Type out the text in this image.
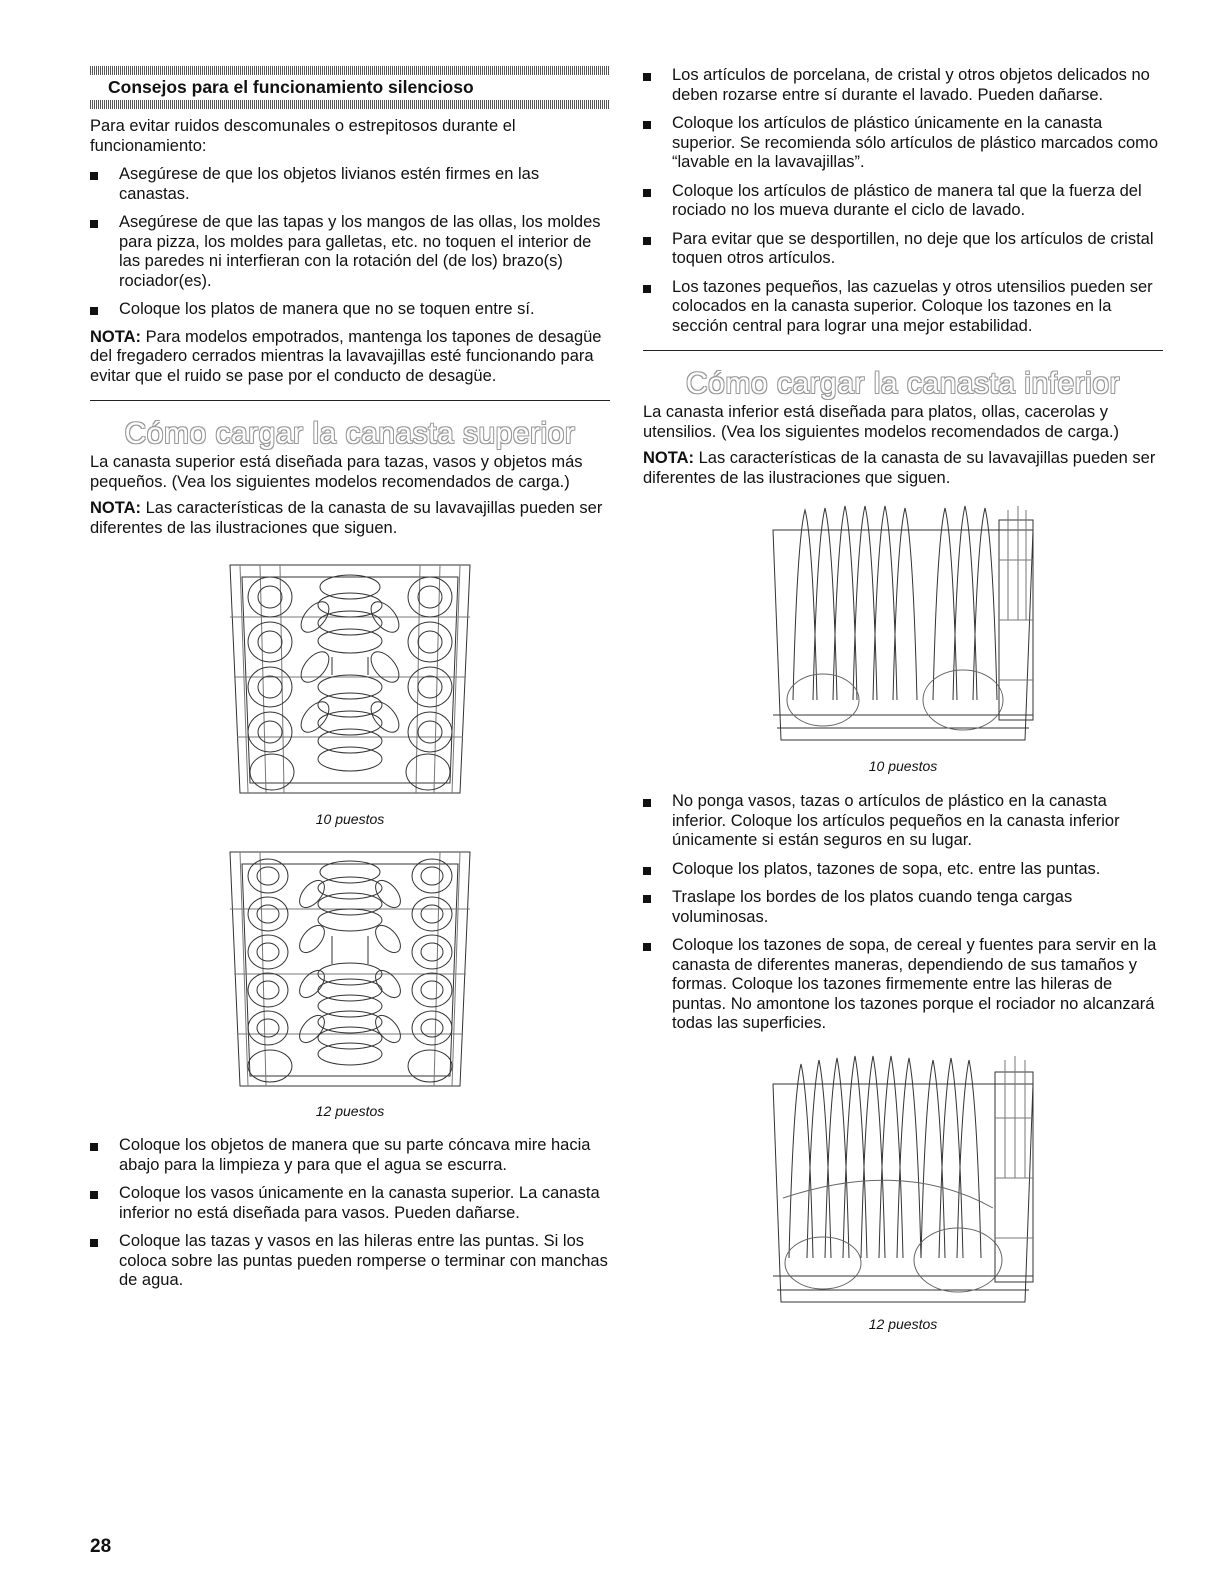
Consejos para el funcionamiento silencioso

Para evitar ruidos descomunales o estrepitosos durante el funcionamiento:

Asegúrese de que los objetos livianos estén firmes en las canastas.

Asegúrese de que las tapas y los mangos de las ollas, los moldes para pizza, los moldes para galletas, etc. no toquen el interior de las paredes ni interfieran con la rotación del (de los) brazo(s) rociador(es).

Coloque los platos de manera que no se toquen entre sí.

NOTA: Para modelos empotrados, mantenga los tapones de desagüe del fregadero cerrados mientras la lavavajillas esté funcionando para evitar que el ruido se pase por el conducto de desagüe.

Cómo cargar la canasta superior

La canasta superior está diseñada para tazas, vasos y objetos más pequeños. (Vea los siguientes modelos recomendados de carga.)

NOTA: Las características de la canasta de su lavavajillas pueden ser diferentes de las ilustraciones que siguen.

10 puestos
12 puestos

Coloque los objetos de manera que su parte cóncava mire hacia abajo para la limpieza y para que el agua se escurra.

Coloque los vasos únicamente en la canasta superior. La canasta inferior no está diseñada para vasos. Pueden dañarse.

Coloque las tazas y vasos en las hileras entre las puntas. Si los coloca sobre las puntas pueden romperse o terminar con manchas de agua.

Los artículos de porcelana, de cristal y otros objetos delicados no deben rozarse entre sí durante el lavado. Pueden dañarse.

Coloque los artículos de plástico únicamente en la canasta superior. Se recomienda sólo artículos de plástico marcados como “lavable en la lavavajillas”.

Coloque los artículos de plástico de manera tal que la fuerza del rociado no los mueva durante el ciclo de lavado.

Para evitar que se desportillen, no deje que los artículos de cristal toquen otros artículos.

Los tazones pequeños, las cazuelas y otros utensilios pueden ser colocados en la canasta superior. Coloque los tazones en la sección central para lograr una mejor estabilidad.

Cómo cargar la canasta inferior

La canasta inferior está diseñada para platos, ollas, cacerolas y utensilios. (Vea los siguientes modelos recomendados de carga.)

NOTA: Las características de la canasta de su lavavajillas pueden ser diferentes de las ilustraciones que siguen.

10 puestos

No ponga vasos, tazas o artículos de plástico en la canasta inferior. Coloque los artículos pequeños en la canasta inferior únicamente si están seguros en su lugar.

Coloque los platos, tazones de sopa, etc. entre las puntas.

Traslape los bordes de los platos cuando tenga cargas voluminosas.

Coloque los tazones de sopa, de cereal y fuentes para servir en la canasta de diferentes maneras, dependiendo de sus tamaños y formas. Coloque los tazones firmemente entre las hileras de puntas. No amontone los tazones porque el rociador no alcanzará todas las superficies.

12 puestos
28
